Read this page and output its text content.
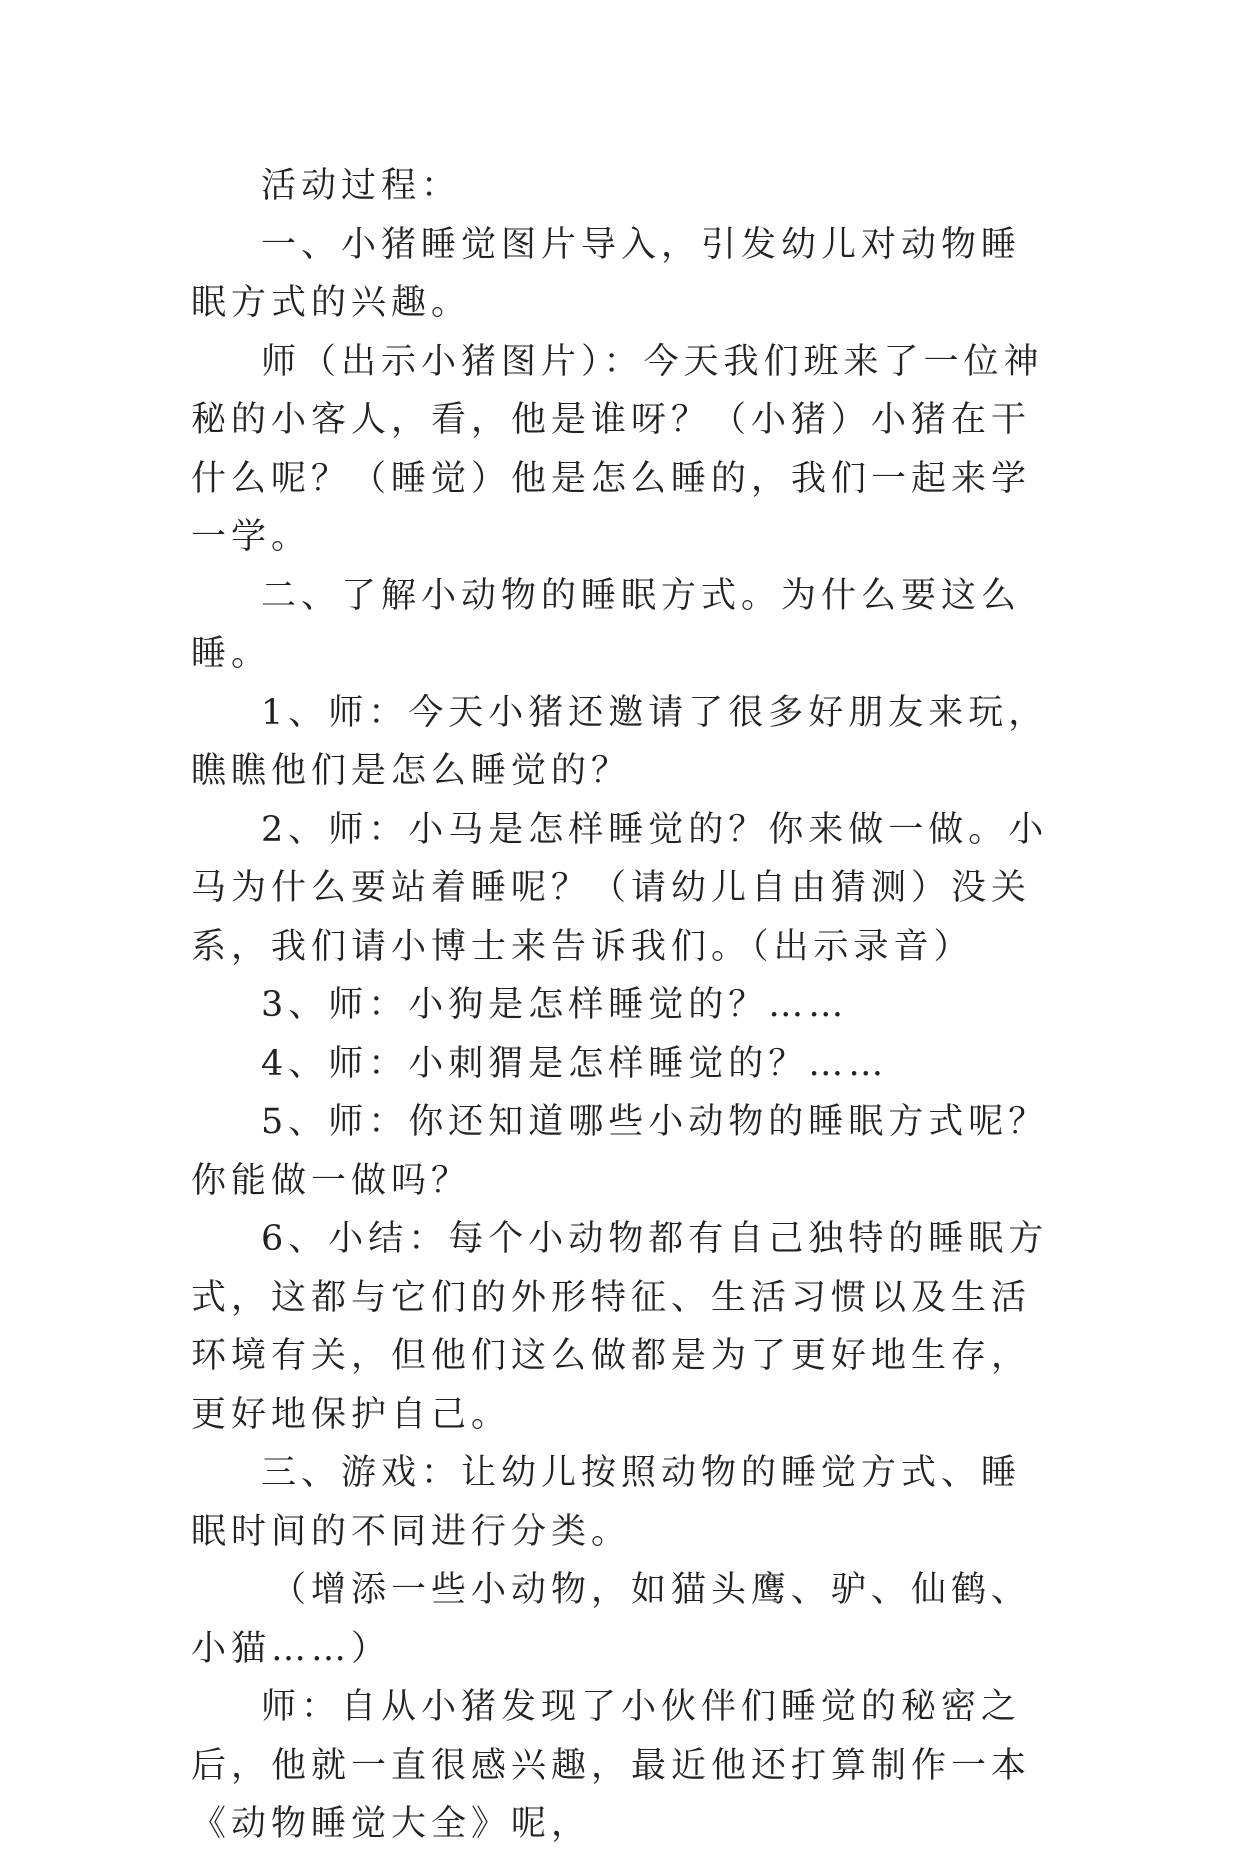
活动过程：

一、小猪睡觉图片导入，引发幼儿对动物睡眠方式的兴趣。

师（出示小猪图片）：今天我们班来了一位神秘的小客人，看，他是谁呀？（小猪）小猪在干什么呢？（睡觉）他是怎么睡的，我们一起来学一学。

二、了解小动物的睡眠方式。为什么要这么睡。

1、师：今天小猪还邀请了很多好朋友来玩，瞧瞧他们是怎么睡觉的？

2、师：小马是怎样睡觉的？你来做一做。小马为什么要站着睡呢？（请幼儿自由猜测）没关系，我们请小博士来告诉我们。（出示录音）

3、师：小狗是怎样睡觉的？……

4、师：小刺猬是怎样睡觉的？……

5、师：你还知道哪些小动物的睡眠方式呢？你能做一做吗？

6、小结：每个小动物都有自己独特的睡眠方式，这都与它们的外形特征、生活习惯以及生活环境有关，但他们这么做都是为了更好地生存，更好地保护自己。

三、游戏：让幼儿按照动物的睡觉方式、睡眠时间的不同进行分类。

（增添一些小动物，如猫头鹰、驴、仙鹤、小猫……）

师：自从小猪发现了小伙伴们睡觉的秘密之后，他就一直很感兴趣，最近他还打算制作一本《动物睡觉大全》呢，
